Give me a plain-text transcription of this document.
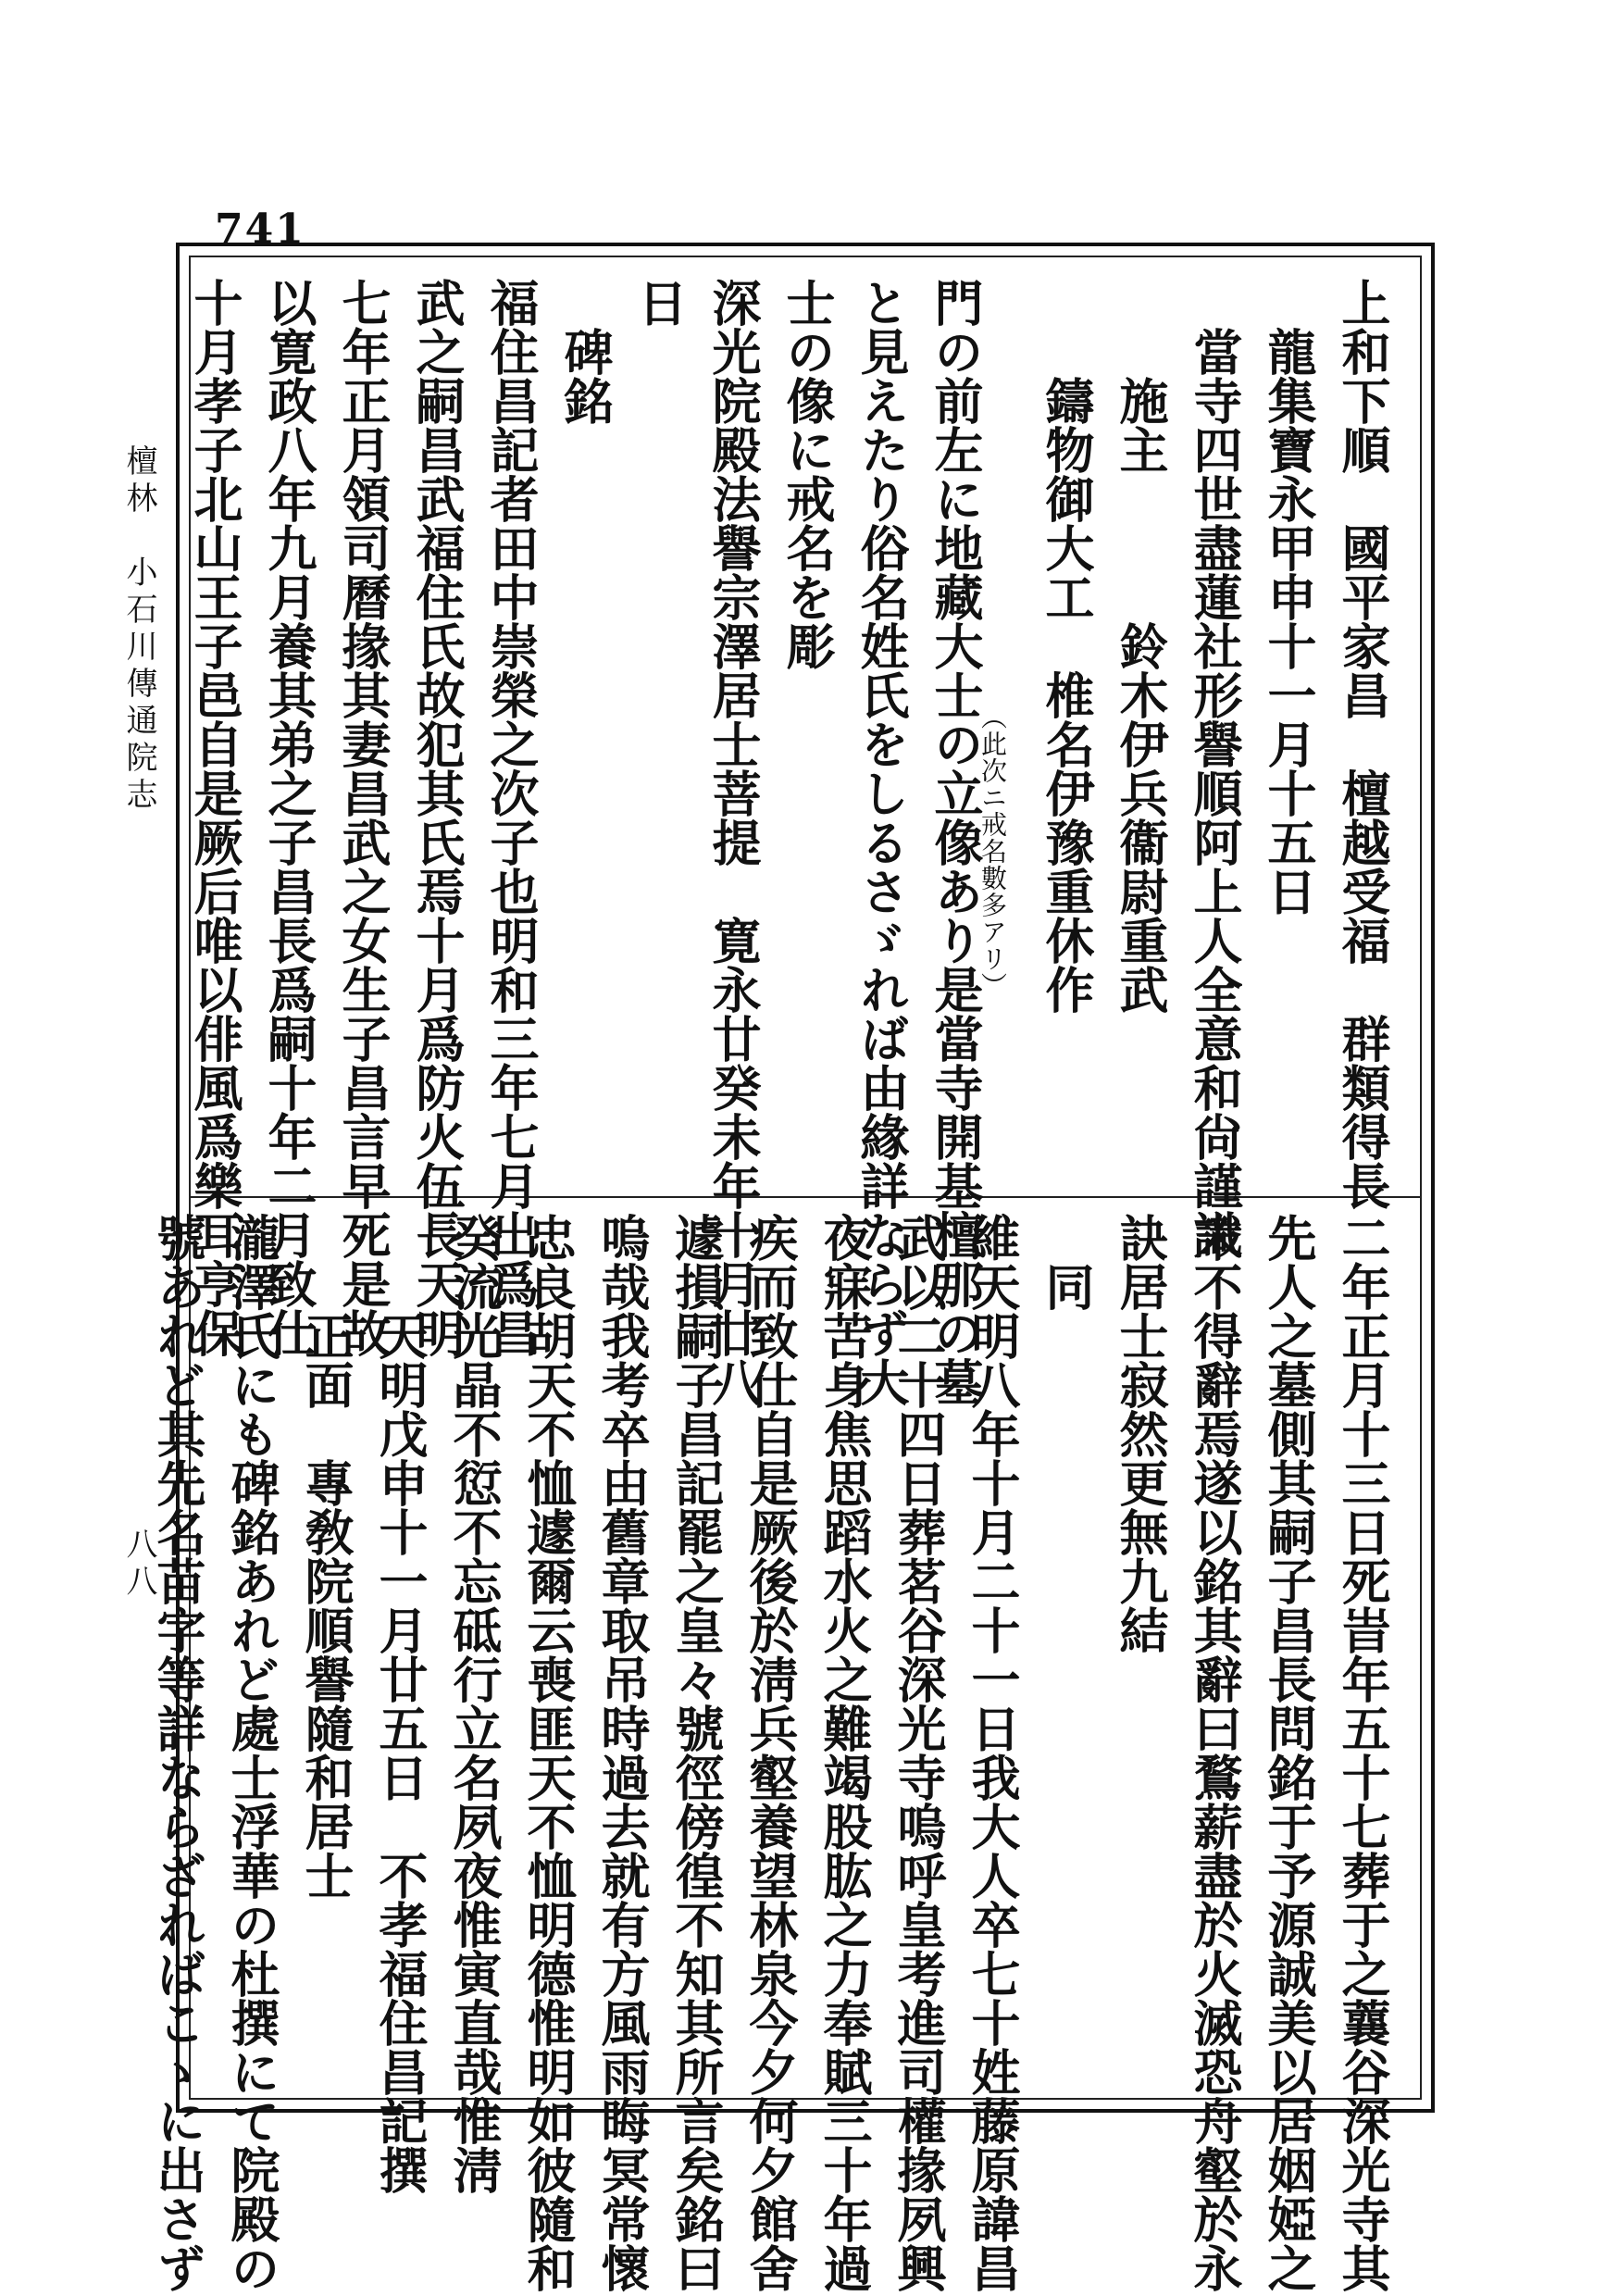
741
上和下順　國平家昌　檀越受福　群類得長
　龍集寶永甲申十一月十五日
　當寺四世盡蓮社形譽順阿上人全意和尙謹識
　　施主　　　鈴木伊兵衞尉重武
　　鑄物御大工　椎名伊豫重休作
（此次ニ戒名數多アリ）
門の前左に地藏大士の立像あり是當寺開基檀那の墓
と見えたり俗名姓氏をしるさゞれば由緣詳ならず大
士の像に戒名を彫
深光院殿法譽宗澤居士菩提　寛永廿癸未年十月廿八
日
　碑銘
福住昌記者田中崇榮之次子也明和三年七月出爲昌
武之嗣昌武福住氏故犯其氏焉十月爲防火伍長天明
七年正月領司曆掾其妻昌武之女生子昌言早死是故
以寛政八年九月養其弟之子昌長爲嗣十年二月致仕
十月孝子北山王子邑自是厥后唯以俳風爲樂耳亨保
二年正月十三日死旹年五十七葬于之蘘谷深光寺其
先人之墓側其嗣子昌長問銘于予源誠美以居姻婭之
末不得辭焉遂以銘其辭曰鶩薪盡於火滅恐舟壑於永
訣居士寂然更無九結
　同
維天明八年十月二十一日我大人卒七十姓藤原諱昌
武以二十四日葬茗谷深光寺嗚呼皇考進司權掾夙興
夜寐苦身焦思蹈水火之難竭股肱之力奉賦三十年過
疾而致仕自是厥後於淸兵壑養望林泉今夕何夕館舍
遽損嗣子昌記罷之皇々號徑傍徨不知其所言矣銘曰
嗚哉我考卒由舊章取吊時過去就有方風雨晦冥常懷
忠良胡天不恤遽爾云喪匪天不恤明德惟明如彼隨和
癸流光晶不愆不忘砥行立名夙夜惟寅直哉惟淸
　　天明戊申十一月廿五日　不孝福住昌記撰
　　正面　專敎院順譽隨和居士
瀧澤氏にも碑銘あれど處士浮華の杜撰にて院殿の
號あれど其先名苗字等詳ならざればこゝに出さず
檀林　小石川傳通院志
八八
